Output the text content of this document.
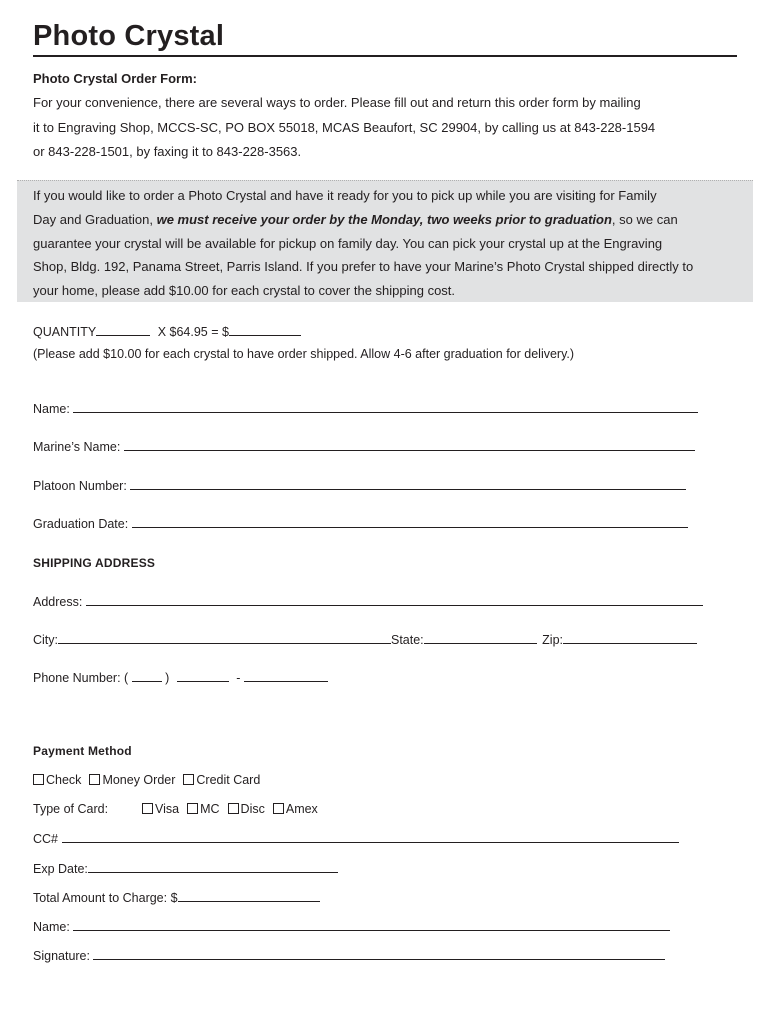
Photo Crystal
Photo Crystal Order Form:
For your convenience, there are several ways to order. Please fill out and return this order form by mailing
it to Engraving Shop, MCCS-SC, PO BOX 55018, MCAS Beaufort, SC 29904, by calling us at 843-228-1594
or 843-228-1501, by faxing it to 843-228-3563.
If you would like to order a Photo Crystal and have it ready for you to pick up while you are visiting for Family
Day and Graduation, we must receive your order by the Monday, two weeks prior to graduation, so we can
guarantee your crystal will be available for pickup on family day. You can pick your crystal up at the Engraving
Shop, Bldg. 192, Panama Street, Parris Island. If you prefer to have your Marine’s Photo Crystal shipped directly to
your home, please add $10.00 for each crystal to cover the shipping cost.
QUANTITY	X $64.95 = $
(Please add $10.00 for each crystal to have order shipped. Allow 4-6 after graduation for delivery.)
Name:
Marine’s Name:
Platoon Number:
Graduation Date:
SHIPPING ADDRESS
Address:
City:	State:	Zip:
Phone Number: (	)	-
Payment Method
Check Money Order Credit Card
Type of Card:	Visa MC Disc Amex
CC#
Exp Date:
Total Amount to Charge: $
Name:
Signature:
